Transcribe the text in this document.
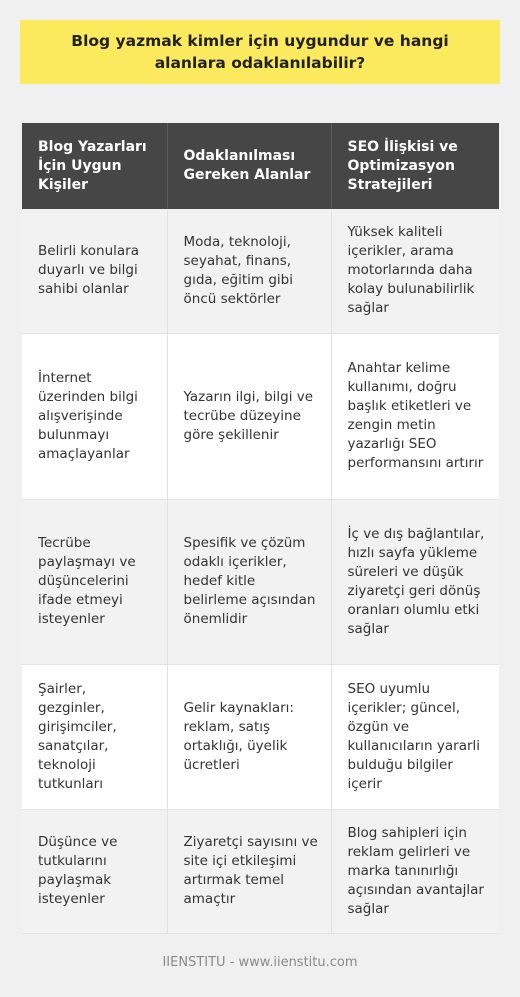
Blog yazmak kimler için uygundur ve hangi alanlara odaklanılabilir?
Blog Yazarları İçin Uygun Kişiler	Odaklanılması Gereken Alanlar	SEO İlişkisi ve Optimizasyon Stratejileri
Belirli konulara duyarlı ve bilgi sahibi olanlar	Moda, teknoloji, seyahat, finans, gıda, eğitim gibi öncü sektörler	Yüksek kaliteli içerikler, arama motorlarında daha kolay bulunabilirlik sağlar
İnternet üzerinden bilgi alışverişinde bulunmayı amaçlayanlar	Yazarın ilgi, bilgi ve tecrübe düzeyine göre şekillenir	Anahtar kelime kullanımı, doğru başlık etiketleri ve zengin metin yazarlığı SEO performansını artırır
Tecrübe paylaşmayı ve düşüncelerini ifade etmeyi isteyenler	Spesifik ve çözüm odaklı içerikler, hedef kitle belirleme açısından önemlidir	İç ve dış bağlantılar, hızlı sayfa yükleme süreleri ve düşük ziyaretçi geri dönüş oranları olumlu etki sağlar
Şairler, gezginler, girişimciler, sanatçılar, teknoloji tutkunları	Gelir kaynakları: reklam, satış ortaklığı, üyelik ücretleri	SEO uyumlu içerikler; güncel, özgün ve kullanıcıların yararli bulduğu bilgiler içerir
Düşünce ve tutkularını paylaşmak isteyenler	Ziyaretçi sayısını ve site içi etkileşimi artırmak temel amaçtır	Blog sahipleri için reklam gelirleri ve marka tanınırlığı açısından avantajlar sağlar
IIENSTITU - www.iienstitu.com
